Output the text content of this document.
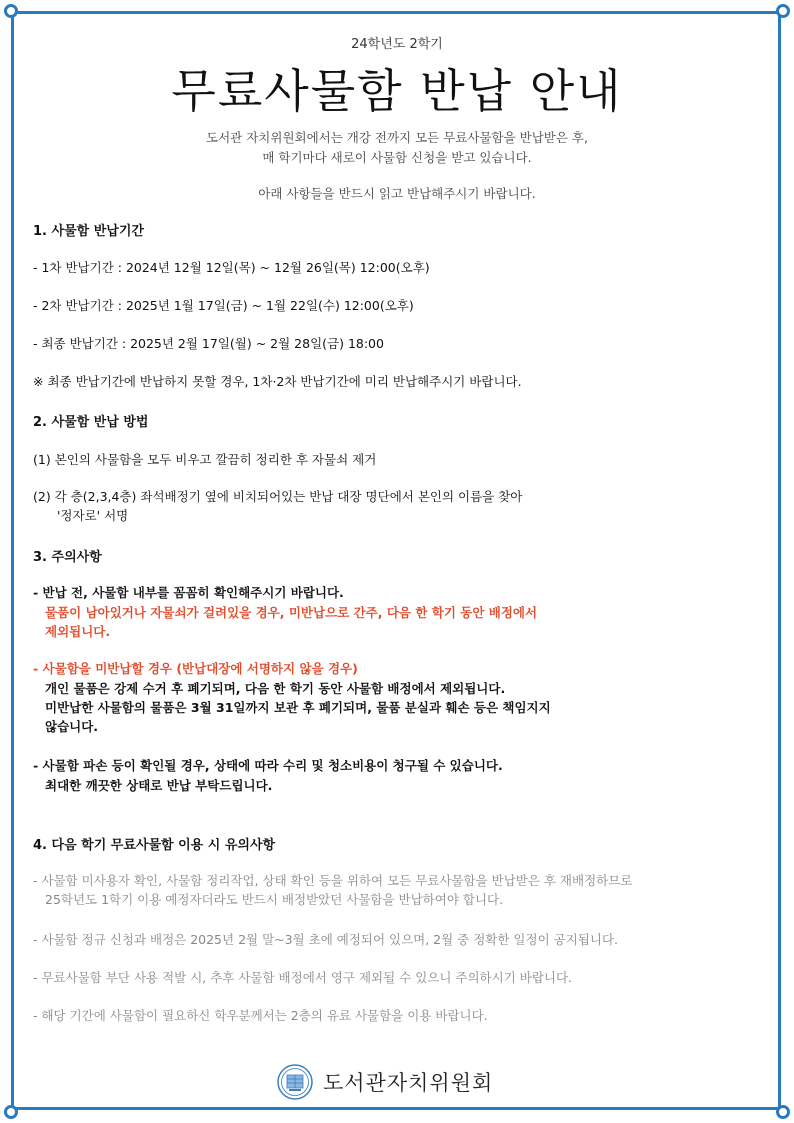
24학년도 2학기
무료사물함 반납 안내
도서관 자치위원회에서는 개강 전까지 모든 무료사물함을 반납받은 후,
매 학기마다 새로이 사물함 신청을 받고 있습니다.
아래 사항들을 반드시 읽고 반납해주시기 바랍니다.
1. 사물함 반납기간
- 1차 반납기간 : 2024년 12월 12일(목) ~ 12월 26일(목) 12:00(오후)
- 2차 반납기간 : 2025년 1월 17일(금) ~ 1월 22일(수) 12:00(오후)
- 최종 반납기간 : 2025년 2월 17일(월) ~ 2월 28일(금) 18:00
※ 최종 반납기간에 반납하지 못할 경우, 1차·2차 반납기간에 미리 반납해주시기 바랍니다.
2. 사물함 반납 방법
(1) 본인의 사물함을 모두 비우고 깔끔히 정리한 후 자물쇠 제거
(2) 각 층(2,3,4층) 좌석배정기 옆에 비치되어있는 반납 대장 명단에서 본인의 이름을 찾아
'정자로' 서명
3. 주의사항
- 반납 전, 사물함 내부를 꼼꼼히 확인해주시기 바랍니다.
물품이 남아있거나 자물쇠가 걸려있을 경우, 미반납으로 간주, 다음 한 학기 동안 배정에서
제외됩니다.
- 사물함을 미반납할 경우 (반납대장에 서명하지 않을 경우)
개인 물품은 강제 수거 후 폐기되며, 다음 한 학기 동안 사물함 배정에서 제외됩니다.
미반납한 사물함의 물품은 3월 31일까지 보관 후 폐기되며, 물품 분실과 훼손 등은 책임지지
않습니다.
- 사물함 파손 등이 확인될 경우, 상태에 따라 수리 및 청소비용이 청구될 수 있습니다.
최대한 깨끗한 상태로 반납 부탁드립니다.
4. 다음 학기 무료사물함 이용 시 유의사항
- 사물함 미사용자 확인, 사물함 정리작업, 상태 확인 등을 위하여 모든 무료사물함을 반납받은 후 재배정하므로
25학년도 1학기 이용 예정자더라도 반드시 배정받았던 사물함을 반납하여야 합니다.
- 사물함 정규 신청과 배정은 2025년 2월 말~3월 초에 예정되어 있으며, 2월 중 정확한 일정이 공지됩니다.
- 무료사물함 부단 사용 적발 시, 추후 사물함 배정에서 영구 제외될 수 있으니 주의하시기 바랍니다.
- 해당 기간에 사물함이 필요하신 학우분께서는 2층의 유료 사물함을 이용 바랍니다.
도서관자치위원회
